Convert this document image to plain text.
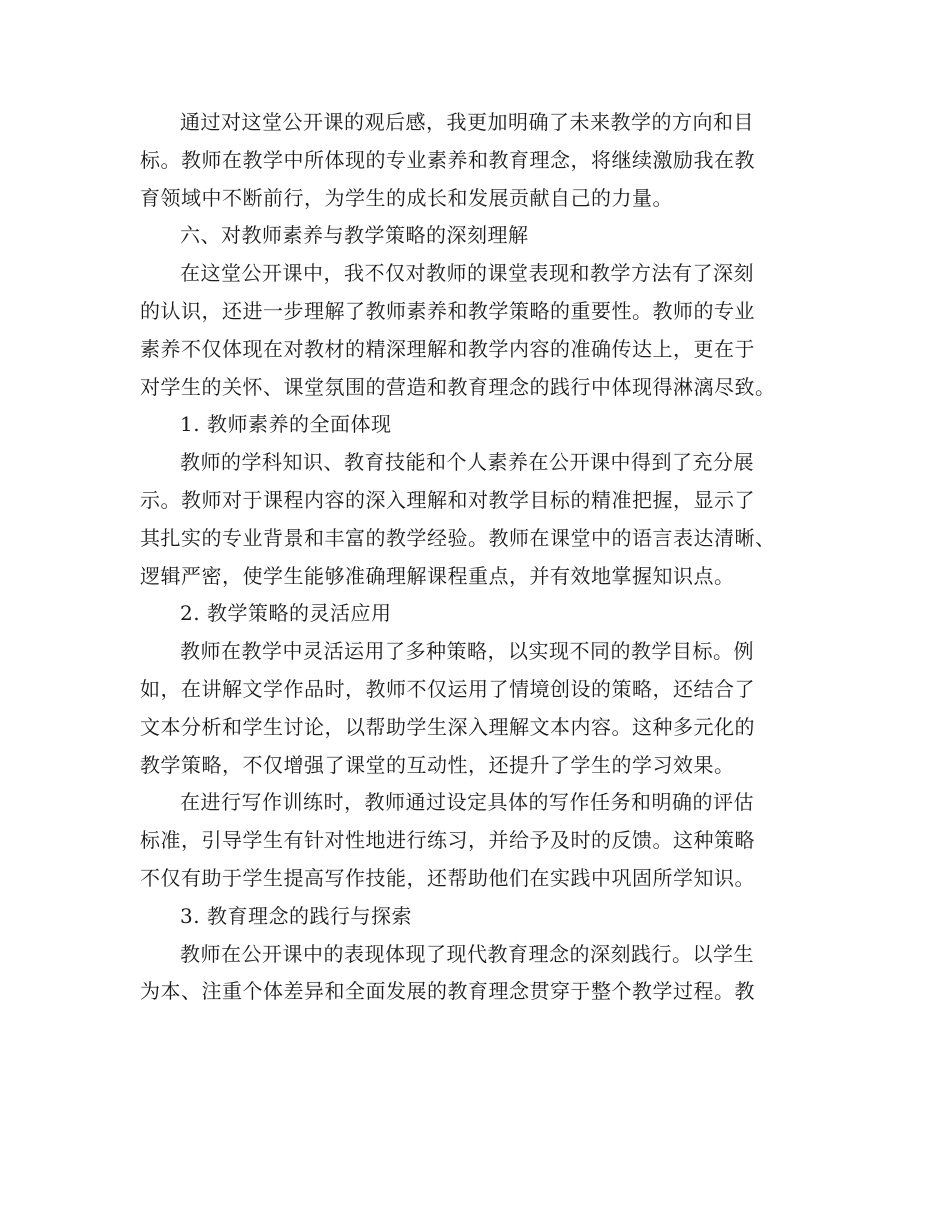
通过对这堂公开课的观后感，我更加明确了未来教学的方向和目
标。教师在教学中所体现的专业素养和教育理念，将继续激励我在教
育领域中不断前行，为学生的成长和发展贡献自己的力量。

六、对教师素养与教学策略的深刻理解

在这堂公开课中，我不仅对教师的课堂表现和教学方法有了深刻
的认识，还进一步理解了教师素养和教学策略的重要性。教师的专业
素养不仅体现在对教材的精深理解和教学内容的准确传达上，更在于
对学生的关怀、课堂氛围的营造和教育理念的践行中体现得淋漓尽致。

1. 教师素养的全面体现

教师的学科知识、教育技能和个人素养在公开课中得到了充分展
示。教师对于课程内容的深入理解和对教学目标的精准把握，显示了
其扎实的专业背景和丰富的教学经验。教师在课堂中的语言表达清晰、
逻辑严密，使学生能够准确理解课程重点，并有效地掌握知识点。

2. 教学策略的灵活应用

教师在教学中灵活运用了多种策略，以实现不同的教学目标。例
如，在讲解文学作品时，教师不仅运用了情境创设的策略，还结合了
文本分析和学生讨论，以帮助学生深入理解文本内容。这种多元化的
教学策略，不仅增强了课堂的互动性，还提升了学生的学习效果。

在进行写作训练时，教师通过设定具体的写作任务和明确的评估
标准，引导学生有针对性地进行练习，并给予及时的反馈。这种策略
不仅有助于学生提高写作技能，还帮助他们在实践中巩固所学知识。

3. 教育理念的践行与探索

教师在公开课中的表现体现了现代教育理念的深刻践行。以学生
为本、注重个体差异和全面发展的教育理念贯穿于整个教学过程。教
